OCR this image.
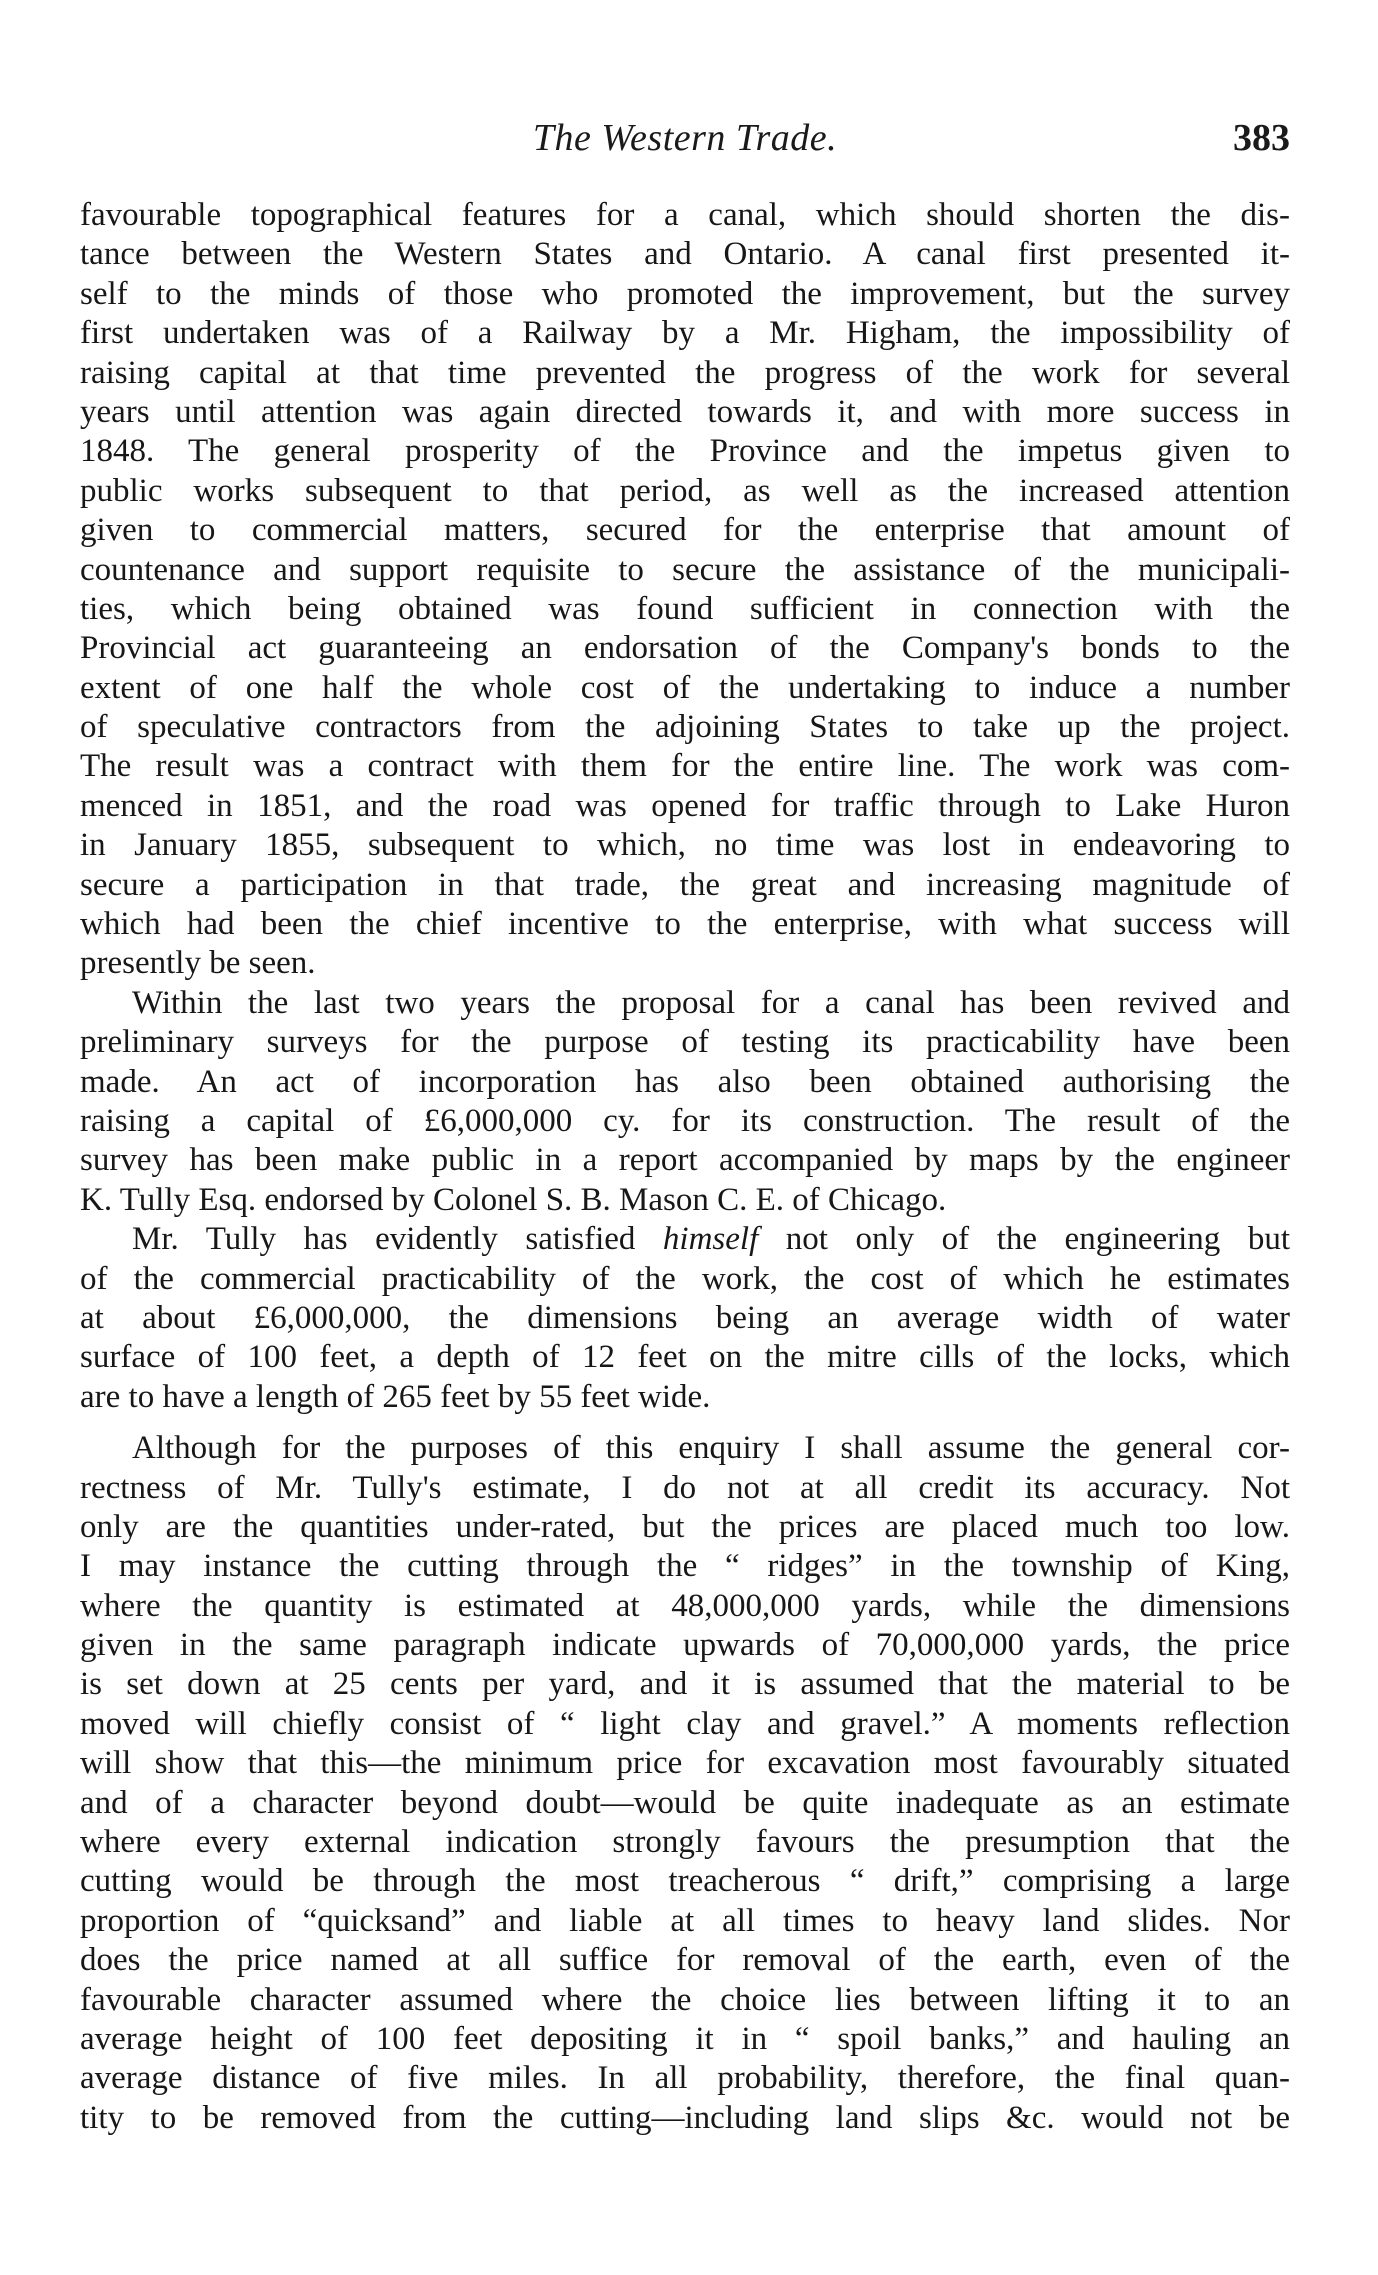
The Western Trade.	383
favourable topographical features for a canal, which should shorten the dis-
tance between the Western States and Ontario. A canal first presented it-
self to the minds of those who promoted the improvement, but the survey
first undertaken was of a Railway by a Mr. Higham, the impossibility of
raising capital at that time prevented the progress of the work for several
years until attention was again directed towards it, and with more success in
1848. The general prosperity of the Province and the impetus given to
public works subsequent to that period, as well as the increased attention
given to commercial matters, secured for the enterprise that amount of
countenance and support requisite to secure the assistance of the municipali-
ties, which being obtained was found sufficient in connection with the
Provincial act guaranteeing an endorsation of the Company's bonds to the
extent of one half the whole cost of the undertaking to induce a number
of speculative contractors from the adjoining States to take up the project.
The result was a contract with them for the entire line. The work was com-
menced in 1851, and the road was opened for traffic through to Lake Huron
in January 1855, subsequent to which, no time was lost in endeavoring to
secure a participation in that trade, the great and increasing magnitude of
which had been the chief incentive to the enterprise, with what success will
presently be seen.
Within the last two years the proposal for a canal has been revived and
preliminary surveys for the purpose of testing its practicability have been
made. An act of incorporation has also been obtained authorising the
raising a capital of £6,000,000 cy. for its construction. The result of the
survey has been make public in a report accompanied by maps by the engineer
K. Tully Esq. endorsed by Colonel S. B. Mason C. E. of Chicago.
Mr. Tully has evidently satisfied himself not only of the engineering but
of the commercial practicability of the work, the cost of which he estimates
at about £6,000,000, the dimensions being an average width of water
surface of 100 feet, a depth of 12 feet on the mitre cills of the locks, which
are to have a length of 265 feet by 55 feet wide.
Although for the purposes of this enquiry I shall assume the general cor-
rectness of Mr. Tully's estimate, I do not at all credit its accuracy. Not
only are the quantities under-rated, but the prices are placed much too low.
I may instance the cutting through the “ ridges” in the township of King,
where the quantity is estimated at 48,000,000 yards, while the dimensions
given in the same paragraph indicate upwards of 70,000,000 yards, the price
is set down at 25 cents per yard, and it is assumed that the material to be
moved will chiefly consist of “ light clay and gravel.” A moments reflection
will show that this—the minimum price for excavation most favourably situated
and of a character beyond doubt—would be quite inadequate as an estimate
where every external indication strongly favours the presumption that the
cutting would be through the most treacherous “ drift,” comprising a large
proportion of “quicksand” and liable at all times to heavy land slides. Nor
does the price named at all suffice for removal of the earth, even of the
favourable character assumed where the choice lies between lifting it to an
average height of 100 feet depositing it in “ spoil banks,” and hauling an
average distance of five miles. In all probability, therefore, the final quan-
tity to be removed from the cutting—including land slips &c. would not be
